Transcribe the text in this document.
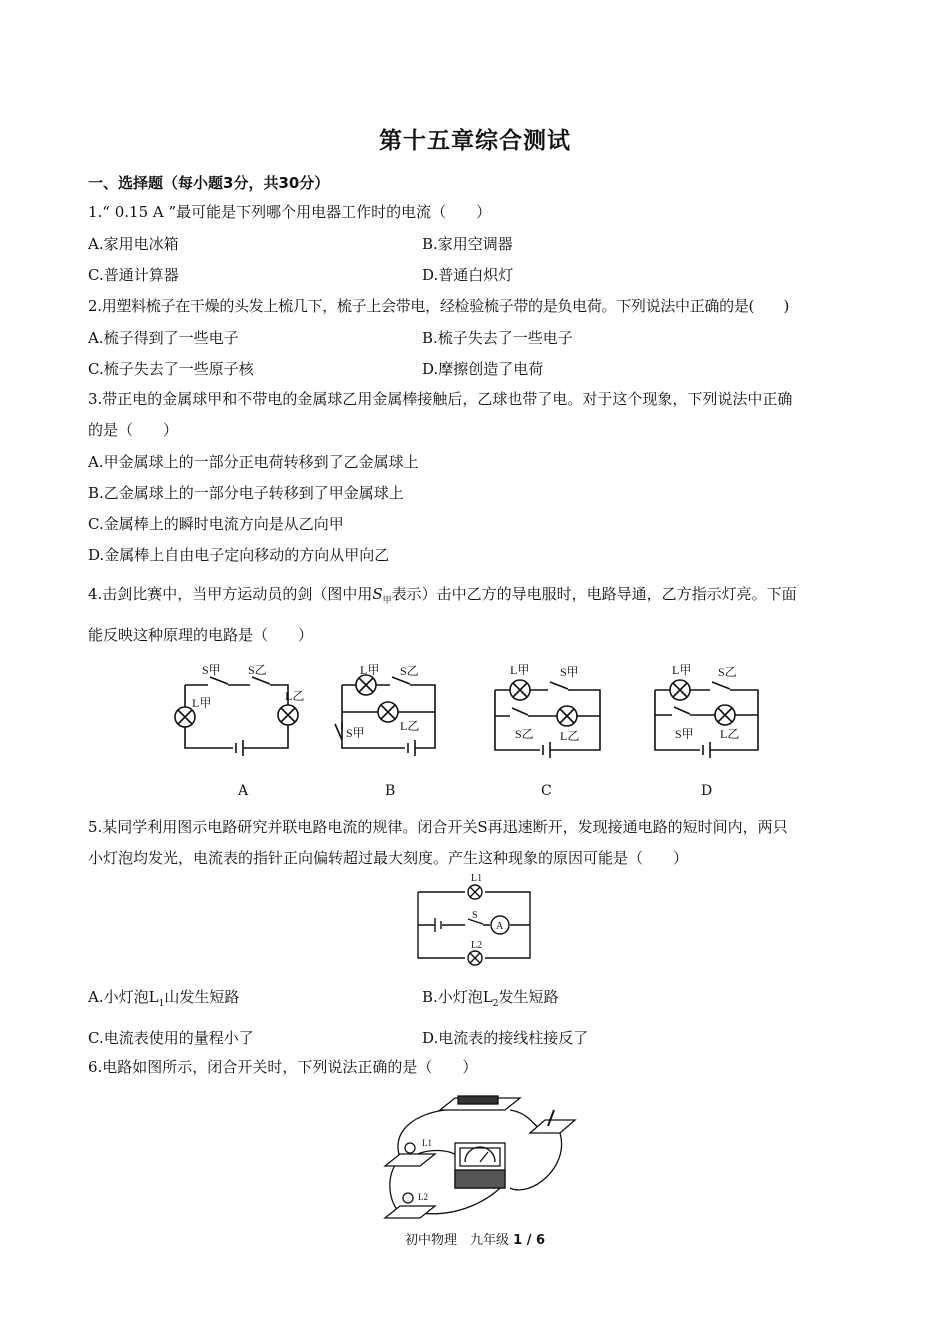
第十五章综合测试
一、选择题（每小题3分，共30分）
1.“ 0.15 A ”最可能是下列哪个用电器工作时的电流（　　）
A.家用电冰箱	B.家用空调器
C.普通计算器	D.普通白炽灯
2.用塑料梳子在干燥的头发上梳几下，梳子上会带电，经检验梳子带的是负电荷。下列说法中正确的是(　　)
A.梳子得到了一些电子	B.梳子失去了一些电子
C.梳子失去了一些原子核	D.摩擦创造了电荷
3.带正电的金属球甲和不带电的金属球乙用金属棒接触后，乙球也带了电。对于这个现象，下列说法中正确
的是（　　）
A.甲金属球上的一部分正电荷转移到了乙金属球上
B.乙金属球上的一部分电子转移到了甲金属球上
C.金属棒上的瞬时电流方向是从乙向甲
D.金属棒上自由电子定向移动的方向从甲向乙
4.击剑比赛中，当甲方运动员的剑（图中用$S_甲$表示）击中乙方的导电服时，电路导通，乙方指示灯亮。下面
能反映这种原理的电路是（　　）
S甲 S乙
L甲	L乙
L甲 S乙
L乙
S甲
L甲	S甲
S乙 L乙
L甲 S乙
S甲 L乙
A	B	C	D
5.某同学利用图示电路研究并联电路电流的规律。闭合开关S再迅速断开，发现接通电路的短时间内，两只
小灯泡均发光，电流表的指针正向偏转超过最大刻度。产生这种现象的原因可能是（　　）
L1
S
A
L2
A.小灯泡$L_1$山发生短路	B.小灯泡$L_2$发生短路
C.电流表使用的量程小了	D.电流表的接线柱接反了
6.电路如图所示，闭合开关时，下列说法正确的是（　　）
L1
L2
初中物理　九年级 1 / 6
